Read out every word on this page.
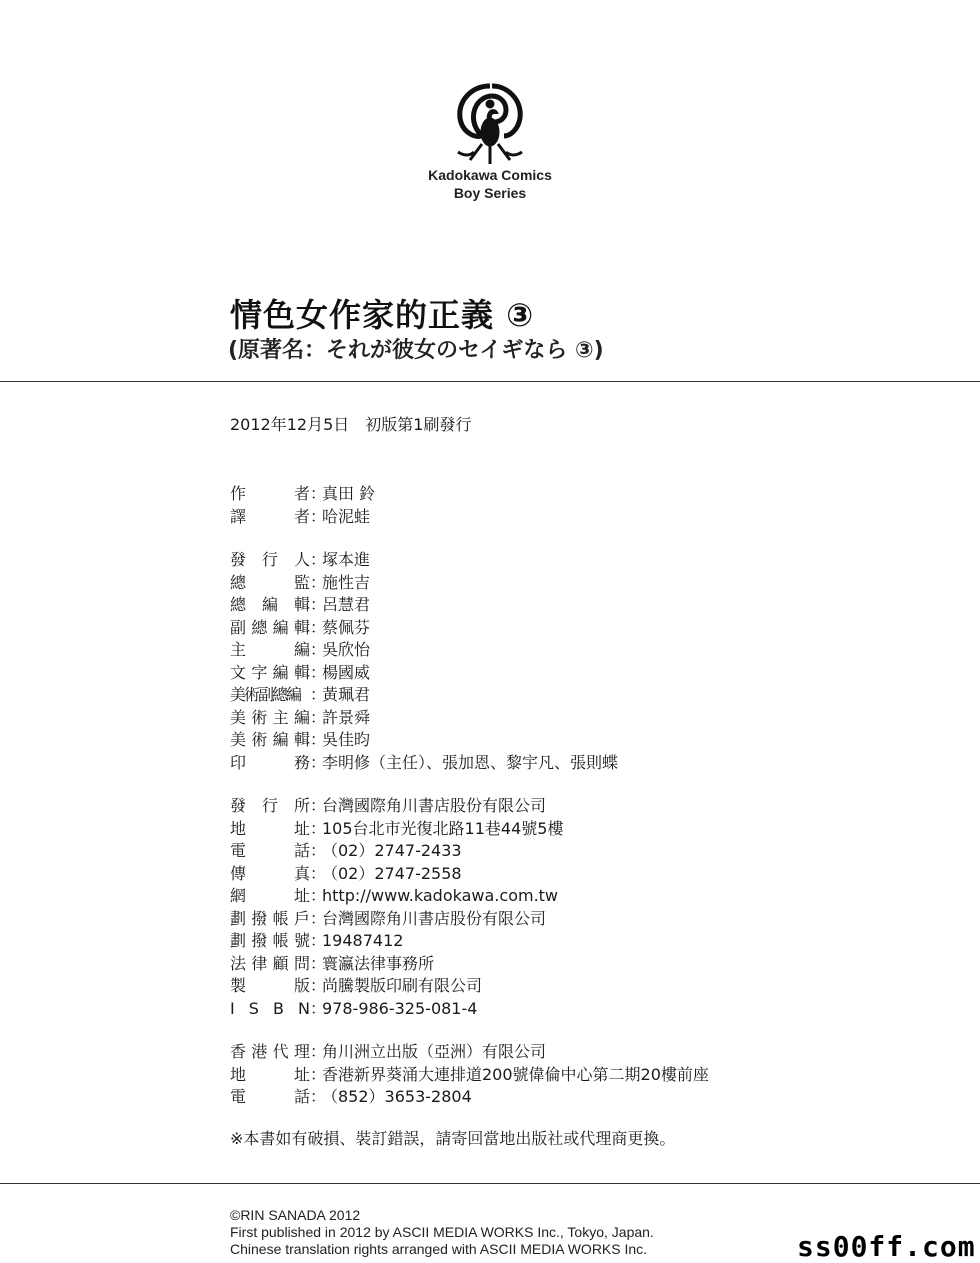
Kadokawa Comics
Boy Series
情色女作家的正義 ③
(原著名：それが彼女のセイギなら ③)
2012年12月5日　初版第1刷發行
作	者 ：
真田 鈴
譯	者 ：
哈泥蛙
發 行 人 ：
塚本進
總	監 ：
施性吉
總 編 輯 ：
呂慧君
副 總 編 輯 ：
蔡佩芬
主	編 ：
吳欣怡
文 字 編 輯 ：
楊國威
美術副總編 ：
黃珮君
美 術 主 編 ：
許景舜
美 術 編 輯 ：
吳佳昀
印	務 ：
李明修（主任）、張加恩、黎宇凡、張則蝶
發 行 所 ：
台灣國際角川書店股份有限公司
地	址 ：
105台北市光復北路11巷44號5樓
電	話 ：
（02）2747-2433
傳	真 ：
（02）2747-2558
網	址 ：
http://www.kadokawa.com.tw
劃 撥 帳 戶 ：
台灣國際角川書店股份有限公司
劃 撥 帳 號 ：
19487412
法 律 顧 問 ：
寰瀛法律事務所
製	版 ：
尚騰製版印刷有限公司
I S B N ：
978-986-325-081-4
香 港 代 理 ：
角川洲立出版（亞洲）有限公司
地	址 ：
香港新界葵涌大連排道200號偉倫中心第二期20樓前座
電	話 ：
（852）3653-2804
※本書如有破損、裝訂錯誤，請寄回當地出版社或代理商更換。
©RIN SANADA 2012
First published in 2012 by ASCII MEDIA WORKS Inc., Tokyo, Japan.
Chinese translation rights arranged with ASCII MEDIA WORKS Inc.	ss00ff.com
